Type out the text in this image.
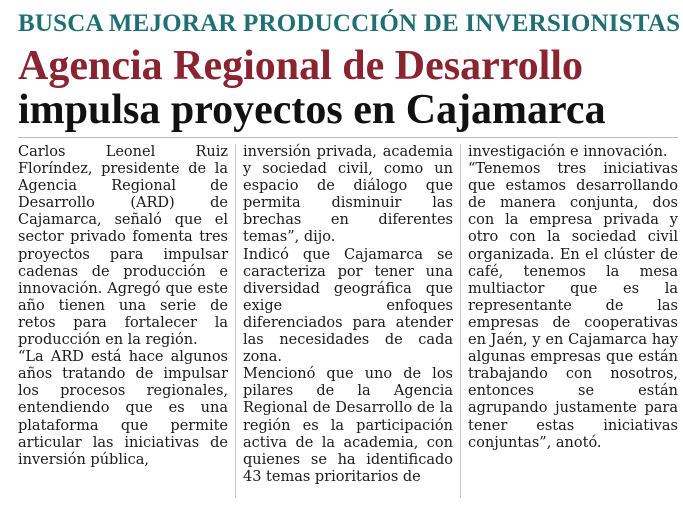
BUSCA MEJORAR PRODUCCIÓN DE INVERSIONISTAS
Agencia Regional de Desarrollo
impulsa proyectos en Cajamarca

Carlos Leonel Ruiz Floríndez, presidente de la Agencia Regional de Desarrollo (ARD) de Cajamarca, señaló que el sector privado fomenta tres proyectos para impulsar cadenas de producción e innovación. Agregó que este año tienen una serie de retos para fortalecer la producción en la región.

“La ARD está hace algunos años tratando de impulsar los procesos regionales, entendiendo que es una plataforma que permite articular las iniciativas de inversión pública,

inversión privada, academia y sociedad civil, como un espacio de diálogo que permita disminuir las brechas en diferentes temas”, dijo.

Indicó que Cajamarca se caracteriza por tener una diversidad geográfica que exige enfoques diferenciados para atender las necesidades de cada zona.

Mencionó que uno de los pilares de la Agencia Regional de Desarrollo de la región es la participación activa de la academia, con quienes se ha identificado 43 temas prioritarios de

investigación e innovación.

“Tenemos tres iniciativas que estamos desarrollando de manera conjunta, dos con la empresa privada y otro con la sociedad civil organizada. En el clúster de café, tenemos la mesa multiactor que es la representante de las empresas de cooperativas en Jaén, y en Cajamarca hay algunas empresas que están trabajando con nosotros, entonces se están agrupando justamente para tener estas iniciativas conjuntas”, anotó.
